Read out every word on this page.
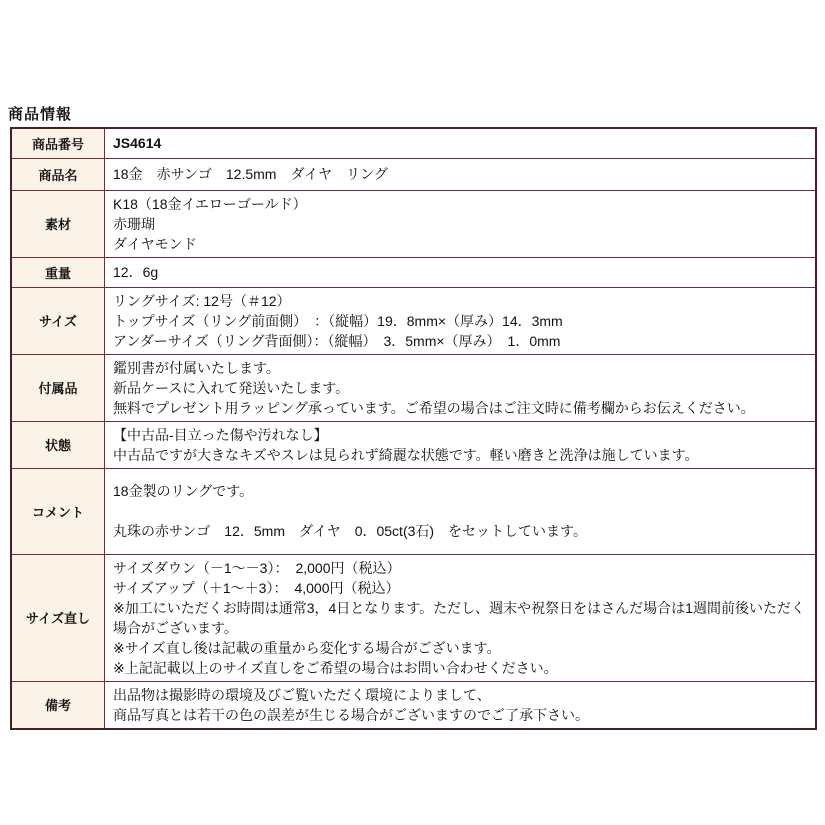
商品情報
商品番号	JS4614
商品名	18金　赤サンゴ　12.5mm　ダイヤ　リング
素材	K18（18金イエローゴールド）
赤珊瑚
ダイヤモンド
重量	12．6g
サイズ	リングサイズ: 12号（＃12）
トップサイズ（リング前面側）　：（縦幅）19．8mm×（厚み）14．3mm
アンダーサイズ（リング背面側）：（縦幅）　3．5mm×（厚み）　1．0mm
付属品	鑑別書が付属いたします。
新品ケースに入れて発送いたします。
無料でプレゼント用ラッピング承っています。ご希望の場合はご注文時に備考欄からお伝えください。
状態	【中古品-目立った傷や汚れなし】
中古品ですが大きなキズやスレは見られず綺麗な状態です。軽い磨きと洗浄は施しています。
コメント	18金製のリングです。

丸珠の赤サンゴ　12．5mm　ダイヤ　0．05ct(3石)　をセットしています。
サイズ直し	サイズダウン（－1〜－3）：　2,000円（税込）
サイズアップ（＋1〜＋3）：　4,000円（税込）
※加工にいただくお時間は通常3，4日となります。ただし、週末や祝祭日をはさんだ場合は1週間前後いただく場合がございます。
※サイズ直し後は記載の重量から変化する場合がございます。
※上記記載以上のサイズ直しをご希望の場合はお問い合わせください。
備考	出品物は撮影時の環境及びご覧いただく環境によりまして、
商品写真とは若干の色の誤差が生じる場合がございますのでご了承下さい。
